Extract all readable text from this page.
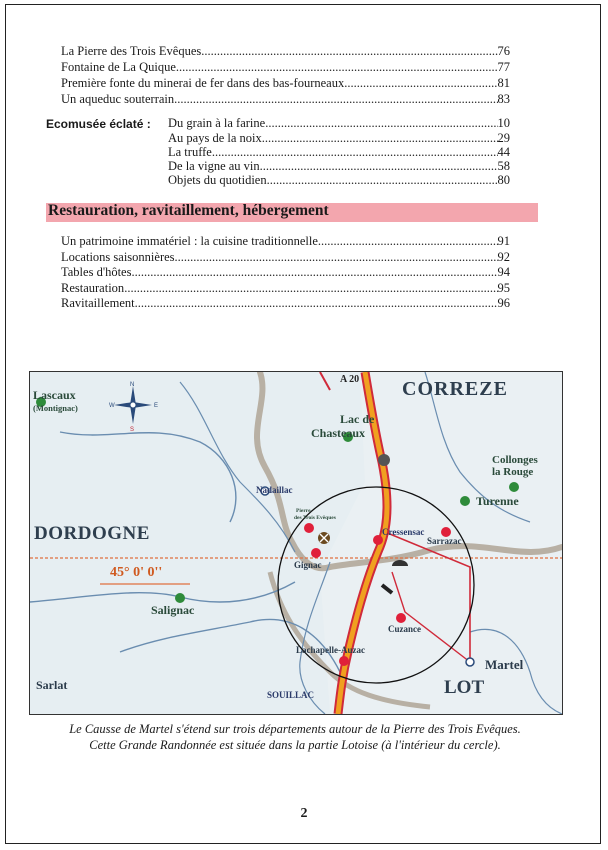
La Pierre des Trois Evêques .....	76
Fontaine de La Quique .....	77
Première fonte du minerai de fer dans des bas-fourneaux .....	81
Un aqueduc souterrain .....	83
Ecomusée éclaté : Du grain à la farine .....	10
Au pays de la noix .....	29
La truffe .....	44
De la vigne au vin .....	58
Objets du quotidien .....	80
Restauration, ravitaillement, hébergement
Un patrimoine immatériel : la cuisine traditionnelle .....	91
Locations saisonnières .....	92
Tables d'hôtes .....	94
Restauration .....	95
Ravitaillement .....	96
N
S
W	E
Lascaux
(Montignac)
A 20 CORREZE
Lac de
Chasteaux
Collonges
la Rouge
Turenne
Nadaillac
Pierre
des Trois Evêques
Cressensac
Sarrazac
DORDOGNE
45° 0' 0''	Gignac
Cuzance
Salignac
Lachapelle-Auzac
Martel
LOT
Sarlat
SOUILLAC
Le Causse de Martel s'étend sur trois départements autour de la Pierre des Trois Evêques.
Cette Grande Randonnée est située dans la partie Lotoise (à l'intérieur du cercle).
2
